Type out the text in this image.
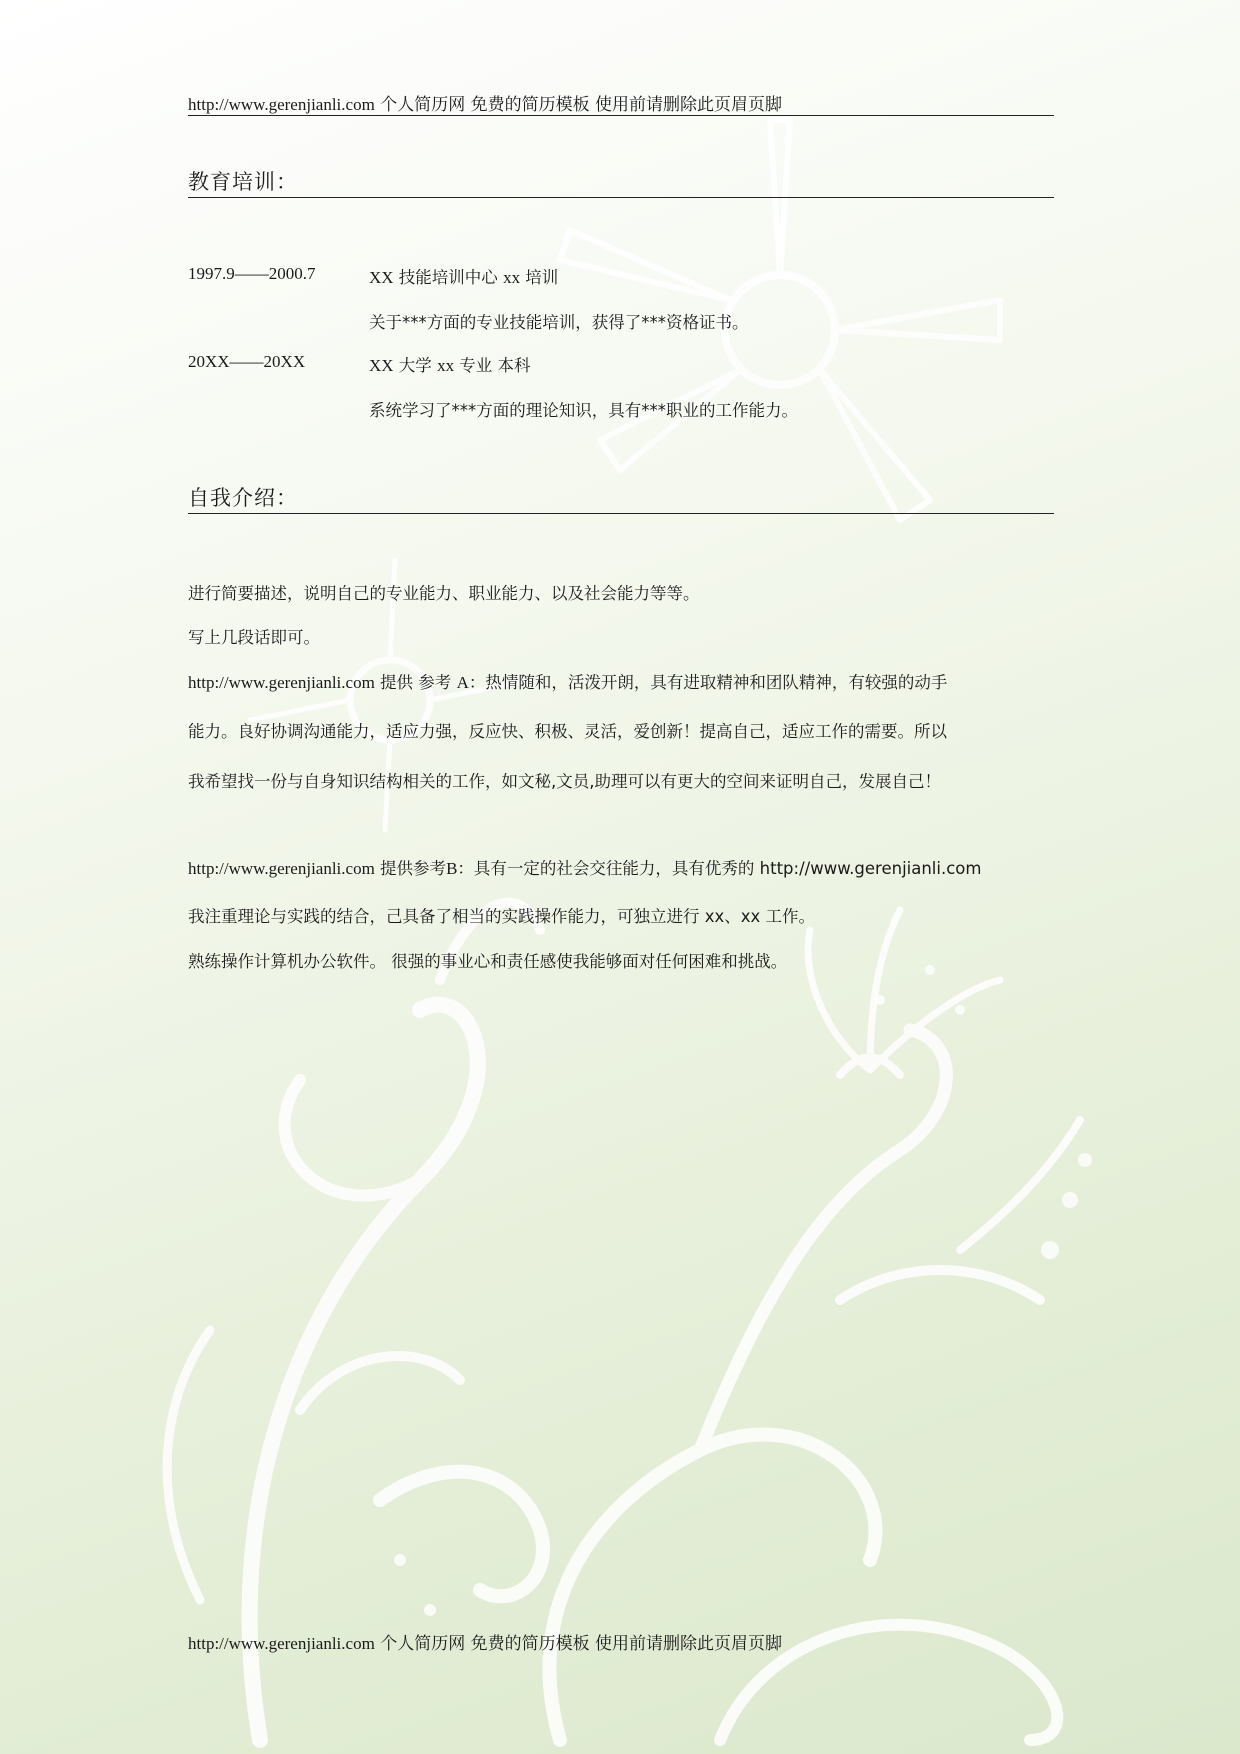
http://www.gerenjianli.com 个人简历网 免费的简历模板 使用前请删除此页眉页脚
教育培训：
1997.9——2000.7	XX 技能培训中心 xx 培训
关于***方面的专业技能培训，获得了***资格证书。
20XX——20XX	XX 大学 xx 专业 本科
系统学习了***方面的理论知识，具有***职业的工作能力。
自我介绍：
进行简要描述，说明自己的专业能力、职业能力、以及社会能力等等。
写上几段话即可。
http://www.gerenjianli.com 提供 参考 A：热情随和，活泼开朗，具有进取精神和团队精神，有较强的动手
能力。良好协调沟通能力，适应力强，反应快、积极、灵活，爱创新！提高自己，适应工作的需要。所以
我希望找一份与自身知识结构相关的工作，如文秘,文员,助理可以有更大的空间来证明自己，发展自己！
http://www.gerenjianli.com 提供参考B：具有一定的社会交往能力，具有优秀的 http://www.gerenjianli.com
我注重理论与实践的结合，己具备了相当的实践操作能力，可独立进行 xx、xx 工作。
熟练操作计算机办公软件。 很强的事业心和责任感使我能够面对任何困难和挑战。
http://www.gerenjianli.com 个人简历网 免费的简历模板 使用前请删除此页眉页脚
